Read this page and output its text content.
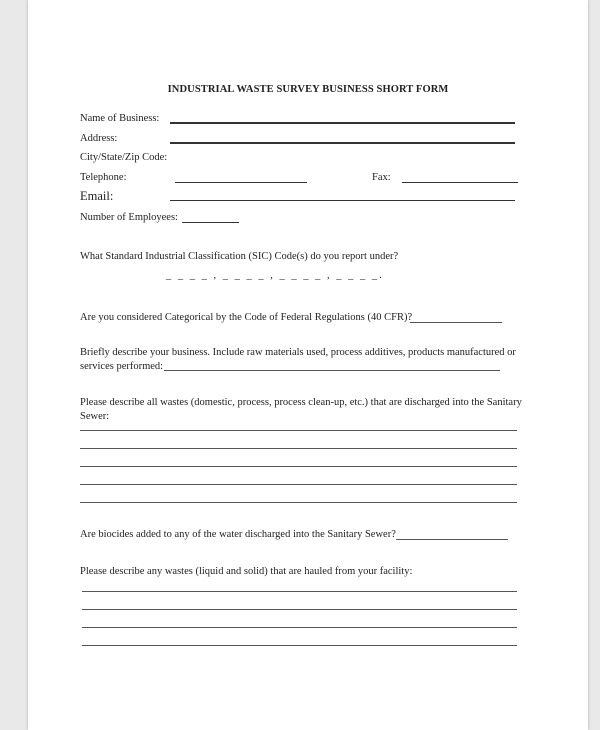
INDUSTRIAL WASTE SURVEY BUSINESS SHORT FORM
Name of Business:
Address:
City/State/Zip Code:
Telephone:	Fax:
Email:
Number of Employees:
What Standard Industrial Classification (SIC) Code(s) do you report under?
_ _ _ _ , _ _ _ _ , _ _ _ _ , _ _ _ _.
Are you considered Categorical by the Code of Federal Regulations (40 CFR)?
Briefly describe your business. Include raw materials used, process additives, products manufactured or
services performed:
Please describe all wastes (domestic, process, process clean-up, etc.) that are discharged into the Sanitary
Sewer:
Are biocides added to any of the water discharged into the Sanitary Sewer?
Please describe any wastes (liquid and solid) that are hauled from your facility:
